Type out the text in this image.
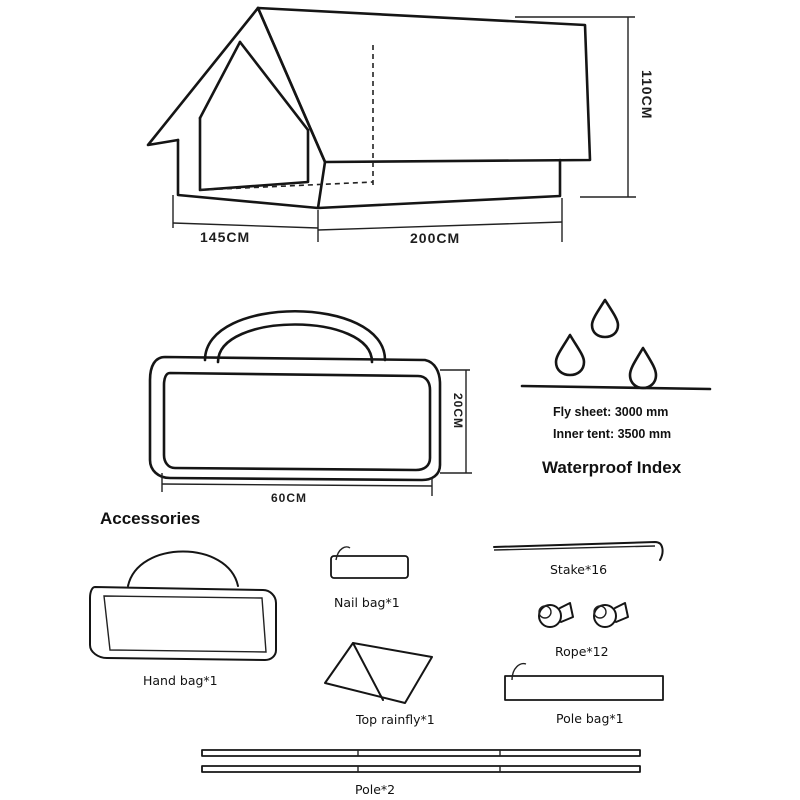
145CM	200CM
110CM
20CM
60CM
Fly sheet: 3000 mm
Inner tent: 3500 mm
Waterproof Index
Accessories
Nail bag*1
Stake*16
Rope*12
Hand bag*1
Top rainfly*1	Pole bag*1
Pole*2
